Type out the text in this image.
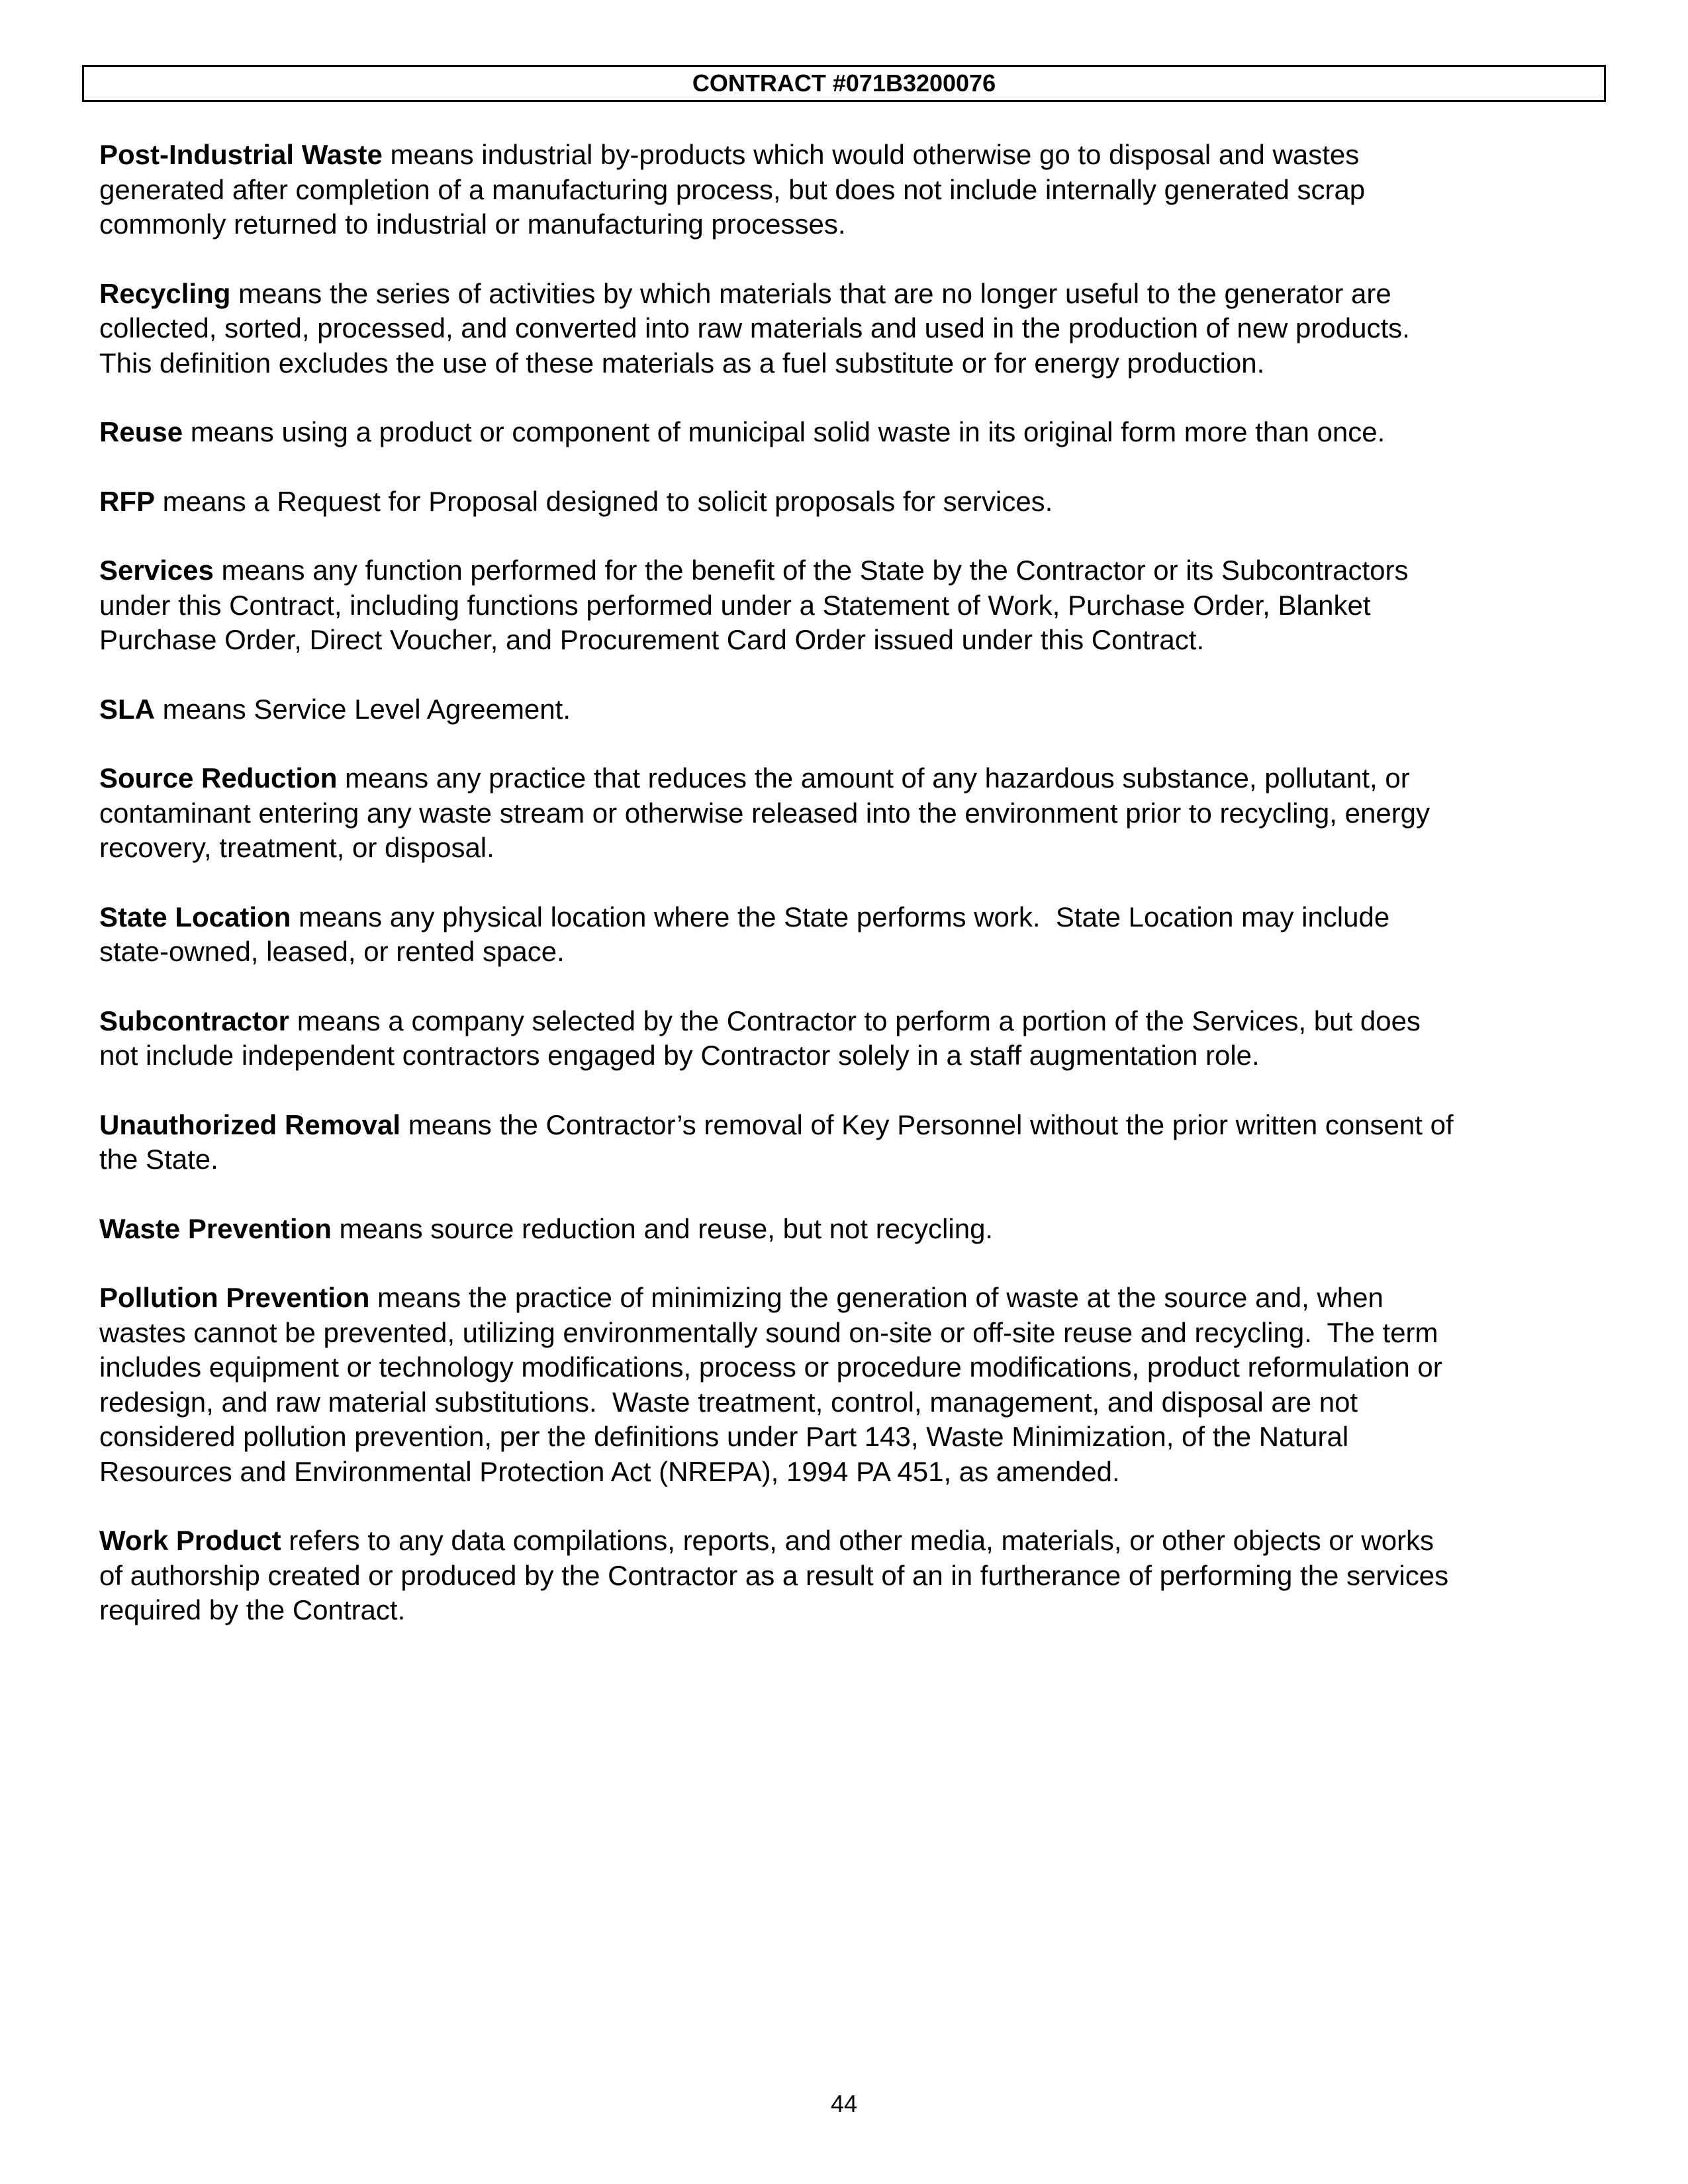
CONTRACT #071B3200076
Post-Industrial Waste means industrial by-products which would otherwise go to disposal and wastes
generated after completion of a manufacturing process, but does not include internally generated scrap
commonly returned to industrial or manufacturing processes.
Recycling means the series of activities by which materials that are no longer useful to the generator are
collected, sorted, processed, and converted into raw materials and used in the production of new products.
This definition excludes the use of these materials as a fuel substitute or for energy production.
Reuse means using a product or component of municipal solid waste in its original form more than once.
RFP means a Request for Proposal designed to solicit proposals for services.
Services means any function performed for the benefit of the State by the Contractor or its Subcontractors
under this Contract, including functions performed under a Statement of Work, Purchase Order, Blanket
Purchase Order, Direct Voucher, and Procurement Card Order issued under this Contract.
SLA means Service Level Agreement.
Source Reduction means any practice that reduces the amount of any hazardous substance, pollutant, or
contaminant entering any waste stream or otherwise released into the environment prior to recycling, energy
recovery, treatment, or disposal.
State Location means any physical location where the State performs work.  State Location may include
state-owned, leased, or rented space.
Subcontractor means a company selected by the Contractor to perform a portion of the Services, but does
not include independent contractors engaged by Contractor solely in a staff augmentation role.
Unauthorized Removal means the Contractor’s removal of Key Personnel without the prior written consent of
the State.
Waste Prevention means source reduction and reuse, but not recycling.
Pollution Prevention means the practice of minimizing the generation of waste at the source and, when
wastes cannot be prevented, utilizing environmentally sound on-site or off-site reuse and recycling.  The term
includes equipment or technology modifications, process or procedure modifications, product reformulation or
redesign, and raw material substitutions.  Waste treatment, control, management, and disposal are not
considered pollution prevention, per the definitions under Part 143, Waste Minimization, of the Natural
Resources and Environmental Protection Act (NREPA), 1994 PA 451, as amended.
Work Product refers to any data compilations, reports, and other media, materials, or other objects or works
of authorship created or produced by the Contractor as a result of an in furtherance of performing the services
required by the Contract.
44
